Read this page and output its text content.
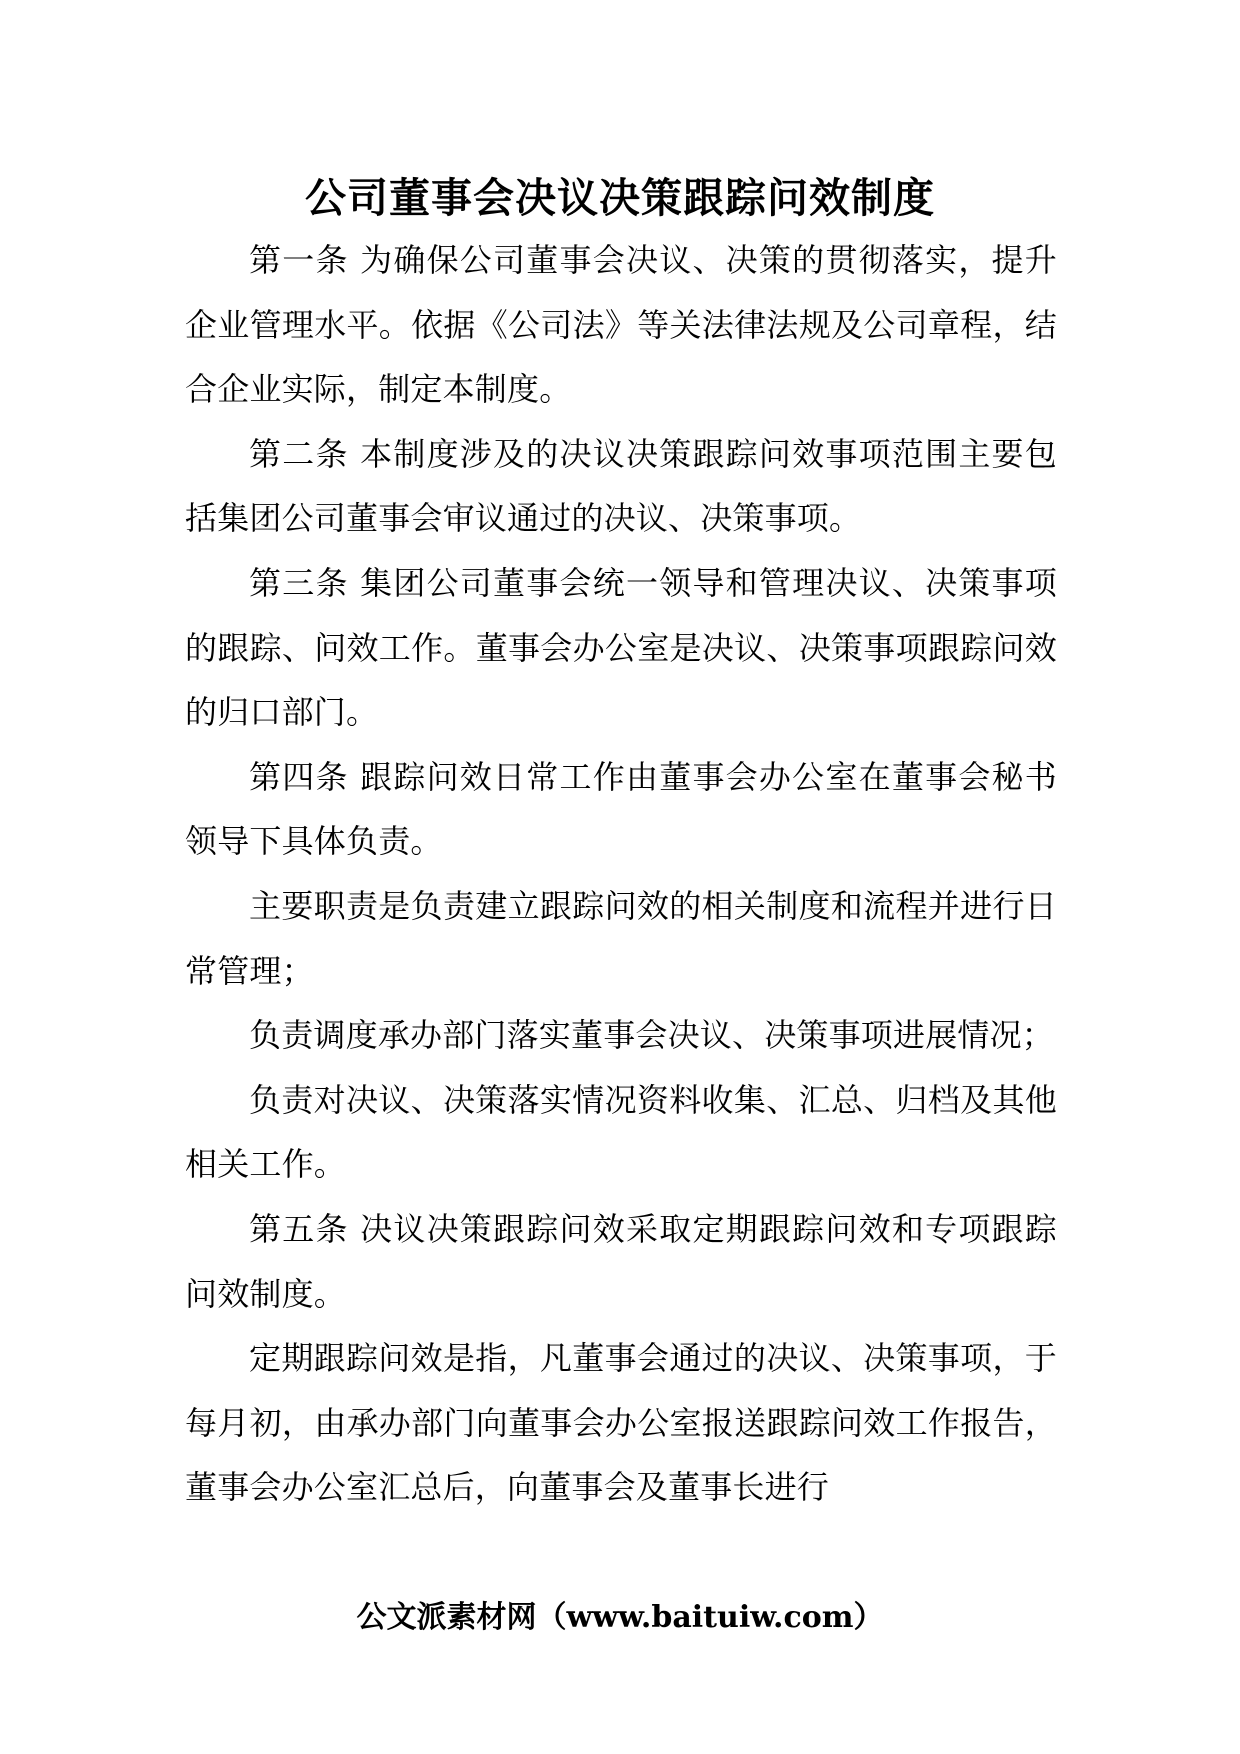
公司董事会决议决策跟踪问效制度

第一条 为确保公司董事会决议、决策的贯彻落实，提升企业管理水平。依据《公司法》等关法律法规及公司章程，结合企业实际，制定本制度。

第二条 本制度涉及的决议决策跟踪问效事项范围主要包括集团公司董事会审议通过的决议、决策事项。

第三条 集团公司董事会统一领导和管理决议、决策事项的跟踪、问效工作。董事会办公室是决议、决策事项跟踪问效的归口部门。

第四条 跟踪问效日常工作由董事会办公室在董事会秘书领导下具体负责。

主要职责是负责建立跟踪问效的相关制度和流程并进行日常管理；

负责调度承办部门落实董事会决议、决策事项进展情况；

负责对决议、决策落实情况资料收集、汇总、归档及其他相关工作。

第五条 决议决策跟踪问效采取定期跟踪问效和专项跟踪问效制度。

定期跟踪问效是指，凡董事会通过的决议、决策事项，于每月初，由承办部门向董事会办公室报送跟踪问效工作报告，董事会办公室汇总后，向董事会及董事长进行

公文派素材网（www.baituiw.com）
